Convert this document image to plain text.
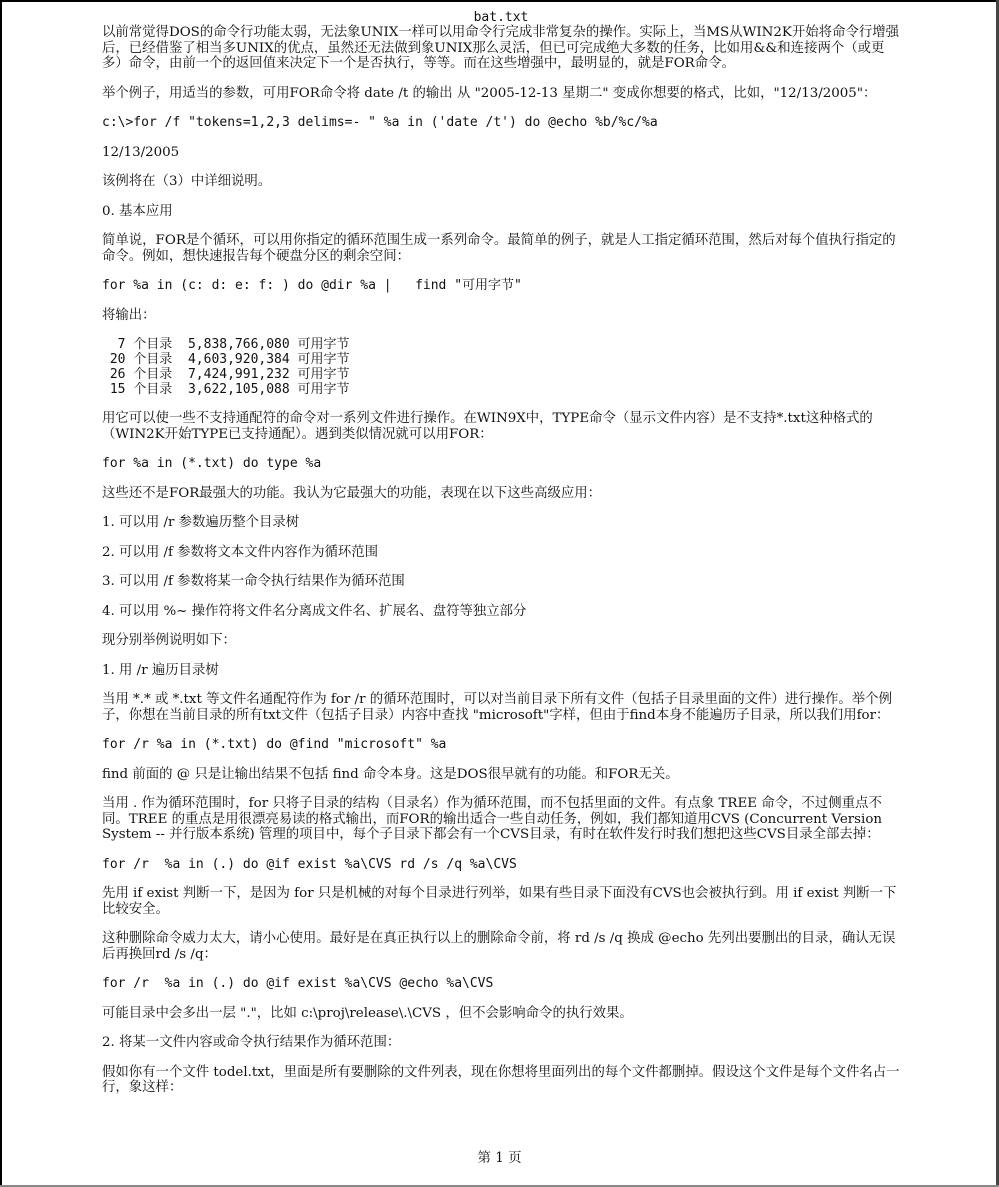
bat.txt

以前常觉得DOS的命令行功能太弱，无法象UNIX一样可以用命令行完成非常复杂的操作。实际上，当MS从WIN2K开始将命令行增强后，已经借鉴了相当多UNIX的优点，虽然还无法做到象UNIX那么灵活，但已可完成绝大多数的任务，比如用&&和连接两个（或更多）命令，由前一个的返回值来决定下一个是否执行，等等。而在这些增强中，最明显的，就是FOR命令。

举个例子，用适当的参数，可用FOR命令将 date /t 的输出 从 "2005-12-13 星期二" 变成你想要的格式，比如，"12/13/2005"：

c:\>for /f "tokens=1,2,3 delims=- " %a in ('date /t') do @echo %b/%c/%a

12/13/2005

该例将在（3）中详细说明。

0. 基本应用

简单说，FOR是个循环，可以用你指定的循环范围生成一系列命令。最简单的例子，就是人工指定循环范围，然后对每个值执行指定的命令。例如，想快速报告每个硬盘分区的剩余空间：

for %a in (c: d: e: f: ) do @dir %a |   find "可用字节"

将输出：

7 个目录  5,838,766,080 可用字节
20 个目录  4,603,920,384 可用字节
26 个目录  7,424,991,232 可用字节
15 个目录  3,622,105,088 可用字节

用它可以使一些不支持通配符的命令对一系列文件进行操作。在WIN9X中，TYPE命令（显示文件内容）是不支持*.txt这种格式的（WIN2K开始TYPE已支持通配）。遇到类似情况就可以用FOR：

for %a in (*.txt) do type %a

这些还不是FOR最强大的功能。我认为它最强大的功能，表现在以下这些高级应用：

1. 可以用 /r 参数遍历整个目录树

2. 可以用 /f 参数将文本文件内容作为循环范围

3. 可以用 /f 参数将某一命令执行结果作为循环范围

4. 可以用 %~ 操作符将文件名分离成文件名、扩展名、盘符等独立部分

现分别举例说明如下：

1. 用 /r 遍历目录树

当用 *.* 或 *.txt 等文件名通配符作为 for /r 的循环范围时，可以对当前目录下所有文件（包括子目录里面的文件）进行操作。举个例子，你想在当前目录的所有txt文件（包括子目录）内容中查找 "microsoft"字样，但由于find本身不能遍历子目录，所以我们用for：

for /r %a in (*.txt) do @find "microsoft" %a

find 前面的 @ 只是让输出结果不包括 find 命令本身。这是DOS很早就有的功能。和FOR无关。

当用 . 作为循环范围时，for 只将子目录的结构（目录名）作为循环范围，而不包括里面的文件。有点象 TREE 命令，不过侧重点不同。TREE 的重点是用很漂亮易读的格式输出，而FOR的输出适合一些自动任务，例如，我们都知道用CVS (Concurrent Version System -- 并行版本系统) 管理的项目中，每个子目录下都会有一个CVS目录，有时在软件发行时我们想把这些CVS目录全部去掉：

for /r  %a in (.) do @if exist %a\CVS rd /s /q %a\CVS

先用 if exist 判断一下，是因为 for 只是机械的对每个目录进行列举，如果有些目录下面没有CVS也会被执行到。用 if exist 判断一下比较安全。

这种删除命令威力太大，请小心使用。最好是在真正执行以上的删除命令前，将 rd /s /q 换成 @echo 先列出要删出的目录，确认无误后再换回rd /s /q：

for /r  %a in (.) do @if exist %a\CVS @echo %a\CVS

可能目录中会多出一层 "."，比如 c:\proj\release\.\CVS ，但不会影响命令的执行效果。

2. 将某一文件内容或命令执行结果作为循环范围：

假如你有一个文件 todel.txt，里面是所有要删除的文件列表，现在你想将里面列出的每个文件都删掉。假设这个文件是每个文件名占一行，象这样：

第 1 页
